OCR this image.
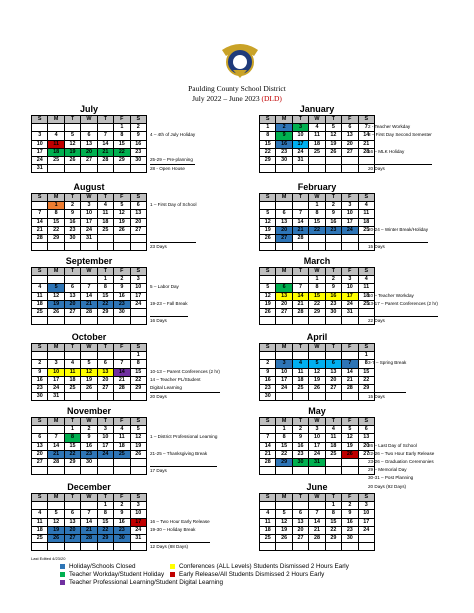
Paulding County School District
July 2022 – June 2023 (DLD)
July
S	M	T	W	T	F	S
					1	2
3	4	5	6	7	8	9
10	11	12	13	14	15	16
17	18	19	20	21	22	23
24	25	26	27	28	29	30
31						
4 – 4th of July Holiday
25-29 – Pre-planning
28 - Open House
January
S	M	T	W	T	F	S
1	2	3	4	5	6	7
8	9	10	11	12	13	14
15	16	17	18	19	20	21
22	23	24	25	26	27	28
29	30	31				

2 - Teacher Workday
3 – First Day Second Semester
16 – MLK Holiday
20 Days
August
S	M	T	W	T	F	S
	1	2	3	4	5	6
7	8	9	10	11	12	13
14	15	16	17	18	19	20
21	22	23	24	25	26	27
28	29	30	31			

1 – First Day of School
23 Days
February
S	M	T	W	T	F	S
			1	2	3	4
5	6	7	8	9	10	11
12	13	14	15	16	17	18
19	20	21	22	23	24	25
26	27	28				

20-24 – Winter Break/Holiday
15 Days
September
S	M	T	W	T	F	S
				1	2	3
4	5	6	7	8	9	10
11	12	13	14	15	16	17
18	19	20	21	22	23	24
25	26	27	28	29	30	

5 – Labor Day
19-23 – Fall Break
16 Days
March
S	M	T	W	T	F	S
			1	2	3	4
5	6	7	8	9	10	11
12	13	14	15	16	17	18
19	20	21	22	23	24	25
26	27	28	29	30	31	

10 – Teacher Workday
13-17 – Parent Conferences (2 hr)
22 Days
October
S	M	T	W	T	F	S
						1
2	3	4	5	6	7	8
9	10	11	12	13	14	15
16	17	18	19	20	21	22
23	24	25	26	27	28	29
30	31					
10-13 – Parent Conferences (2 hr)
14 – Teacher PL/Student
Digital Learning
20 Days
April
S	M	T	W	T	F	S
						1
2	3	4	5	6	7	8
9	10	11	12	13	14	15
16	17	18	19	20	21	22
23	24	25	26	27	28	29
30						
3-7 – Spring Break
15 Days
November
S	M	T	W	T	F	S
		1	2	3	4	5
6	7	8	9	10	11	12
13	14	15	16	17	18	19
20	21	22	23	24	25	26
27	28	29	30			

1 – District Professional Learning
21-25 – Thanksgiving Break
17 Days
May
S	M	T	W	T	F	S
	1	2	3	4	5	6
7	8	9	10	11	12	13
14	15	16	17	18	19	20
21	22	23	24	25	26	27
28	29	30	31			

26 – Last Day of School
22-26 – Two Hour Early Release
23-26 – Graduation Ceremonies
29 – Memorial Day
30-31 – Post Planning
20 Days (92 Days)
December
S	M	T	W	T	F	S
				1	2	3
4	5	6	7	8	9	10
11	12	13	14	15	16	17
18	19	20	21	22	23	24
25	26	27	28	29	30	31

16 – Two Hour Early Release
19-30 – Holiday Break
12 Days (88 Days)
June
S	M	T	W	T	F	S
				1	2	3
4	5	6	7	8	9	10
11	12	13	14	15	16	17
18	19	20	21	22	23	24
25	26	27	28	29	30	

Last Edited 4/23/20
Holiday/Schools Closed	Conferences (ALL Levels) Students Dismissed 2 Hours Early
Teacher Workday/Student Holiday	Early Release/All Students Dismissed 2 Hours Early
Teacher Professional Learning/Student Digital Learning
